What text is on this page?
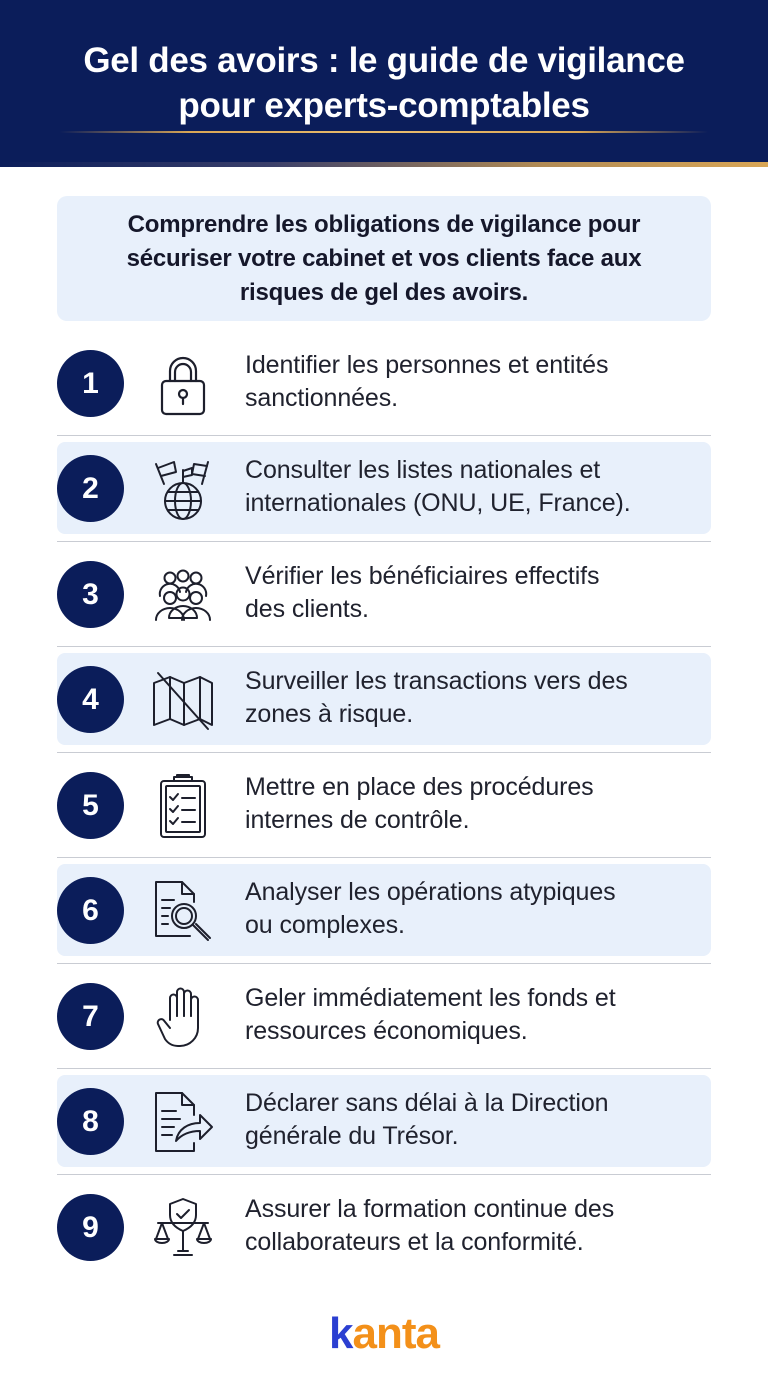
Gel des avoirs : le guide de vigilance
pour experts-comptables
Comprendre les obligations de vigilance pour
sécuriser votre cabinet et vos clients face aux
risques de gel des avoirs.
1
Identifier les personnes et entités
sanctionnées.
2
Consulter les listes nationales et
internationales (ONU, UE, France).
3
Vérifier les bénéficiaires effectifs
des clients.
4
Surveiller les transactions vers des
zones à risque.
5
Mettre en place des procédures
internes de contrôle.
6
Analyser les opérations atypiques
ou complexes.
7
Geler immédiatement les fonds et
ressources économiques.
8
Déclarer sans délai à la Direction
générale du Trésor.
9
Assurer la formation continue des
collaborateurs et la conformité.
kanta
